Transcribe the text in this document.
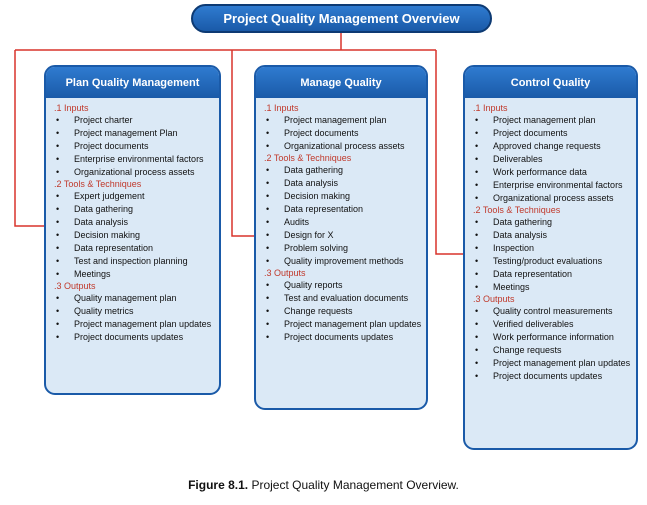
Project Quality Management Overview
Plan Quality Management
.1 Inputs
• Project charter
• Project management Plan
• Project documents
• Enterprise environmental factors
• Organizational process assets
.2 Tools & Techniques
• Expert judgement
• Data gathering
• Data analysis
• Decision making
• Data representation
• Test and inspection planning
• Meetings
.3 Outputs
• Quality management plan
• Quality metrics
• Project management plan updates
• Project documents updates
Manage Quality
.1 Inputs
• Project management plan
• Project documents
• Organizational process assets
.2 Tools & Techniques
• Data gathering
• Data analysis
• Decision making
• Data representation
• Audits
• Design for X
• Problem solving
• Quality improvement methods
.3 Outputs
• Quality reports
• Test and evaluation documents
• Change requests
• Project management plan updates
• Project documents updates
Control Quality
.1 Inputs
• Project management plan
• Project documents
• Approved change requests
• Deliverables
• Work performance data
• Enterprise environmental factors
• Organizational process assets
.2 Tools & Techniques
• Data gathering
• Data analysis
• Inspection
• Testing/product evaluations
• Data representation
• Meetings
.3 Outputs
• Quality control measurements
• Verified deliverables
• Work performance information
• Change requests
• Project management plan updates
• Project documents updates
Figure 8.1. Project Quality Management Overview.
